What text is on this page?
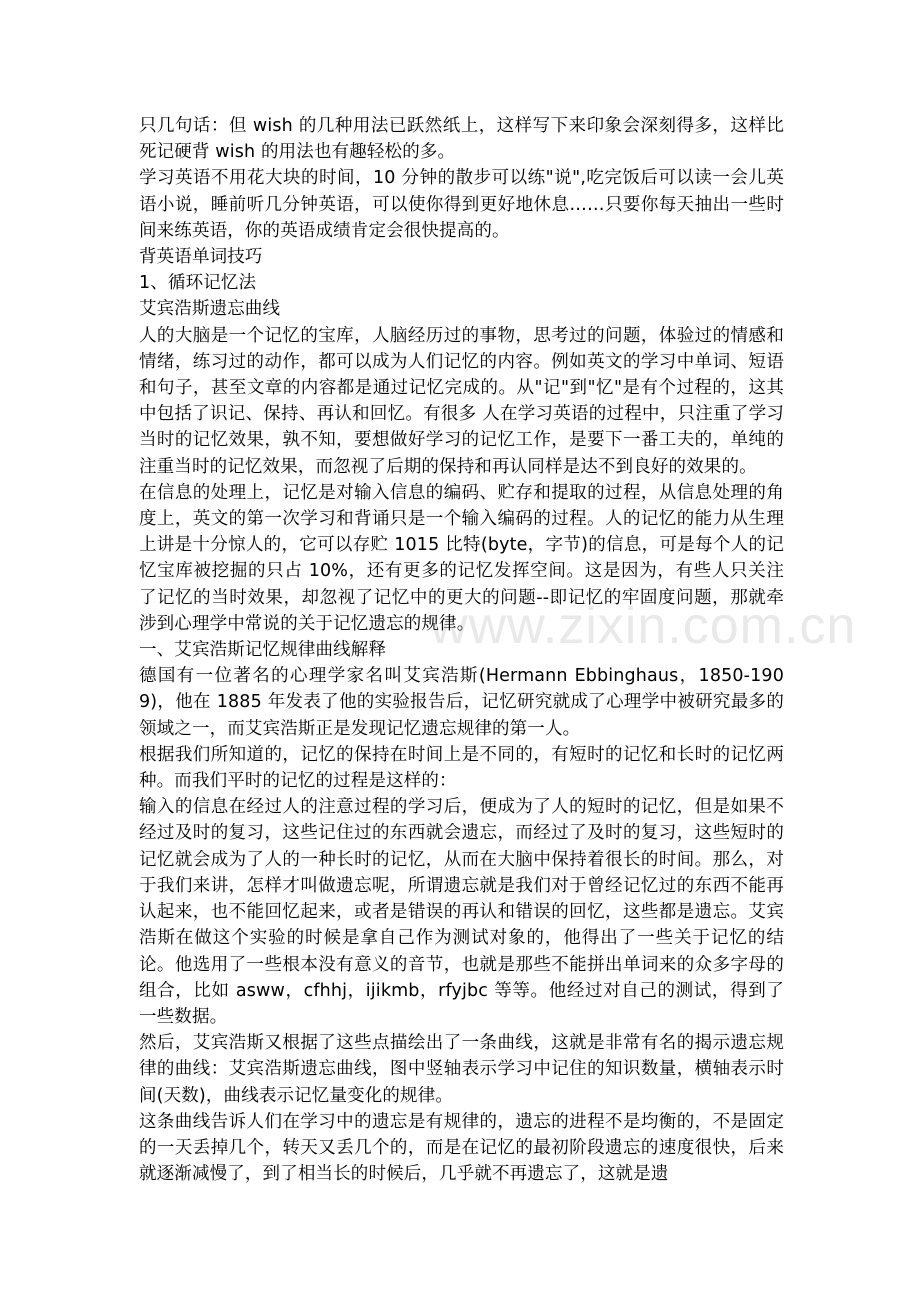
www.zixin.com.cn

只几句话：但 wish 的几种用法已跃然纸上，这样写下来印象会深刻得多，这样比死记硬背 wish 的用法也有趣轻松的多。

学习英语不用花大块的时间，10 分钟的散步可以练"说",吃完饭后可以读一会儿英语小说，睡前听几分钟英语，可以使你得到更好地休息……只要你每天抽出一些时间来练英语，你的英语成绩肯定会很快提高的。

背英语单词技巧

1、循环记忆法

艾宾浩斯遗忘曲线

人的大脑是一个记忆的宝库，人脑经历过的事物，思考过的问题，体验过的情感和情绪，练习过的动作，都可以成为人们记忆的内容。例如英文的学习中单词、短语和句子，甚至文章的内容都是通过记忆完成的。从"记"到"忆"是有个过程的，这其中包括了识记、保持、再认和回忆。有很多 人在学习英语的过程中，只注重了学习当时的记忆效果，孰不知，要想做好学习的记忆工作，是要下一番工夫的，单纯的注重当时的记忆效果，而忽视了后期的保持和再认同样是达不到良好的效果的。

在信息的处理上，记忆是对输入信息的编码、贮存和提取的过程，从信息处理的角度上，英文的第一次学习和背诵只是一个输入编码的过程。人的记忆的能力从生理上讲是十分惊人的，它可以存贮 1015 比特(byte，字节)的信息，可是每个人的记忆宝库被挖掘的只占 10%，还有更多的记忆发挥空间。这是因为，有些人只关注了记忆的当时效果，却忽视了记忆中的更大的问题--即记忆的牢固度问题，那就牵涉到心理学中常说的关于记忆遗忘的规律。

一、艾宾浩斯记忆规律曲线解释

德国有一位著名的心理学家名叫艾宾浩斯(Hermann Ebbinghaus，1850-1909)，他在 1885 年发表了他的实验报告后，记忆研究就成了心理学中被研究最多的领域之一，而艾宾浩斯正是发现记忆遗忘规律的第一人。

根据我们所知道的，记忆的保持在时间上是不同的，有短时的记忆和长时的记忆两种。而我们平时的记忆的过程是这样的：

输入的信息在经过人的注意过程的学习后，便成为了人的短时的记忆，但是如果不经过及时的复习，这些记住过的东西就会遗忘，而经过了及时的复习，这些短时的记忆就会成为了人的一种长时的记忆，从而在大脑中保持着很长的时间。那么，对于我们来讲，怎样才叫做遗忘呢，所谓遗忘就是我们对于曾经记忆过的东西不能再认起来，也不能回忆起来，或者是错误的再认和错误的回忆，这些都是遗忘。艾宾浩斯在做这个实验的时候是拿自己作为测试对象的，他得出了一些关于记忆的结论。他选用了一些根本没有意义的音节，也就是那些不能拼出单词来的众多字母的组合，比如 asww，cfhhj，ijikmb，rfyjbc 等等。他经过对自己的测试，得到了一些数据。

然后，艾宾浩斯又根据了这些点描绘出了一条曲线，这就是非常有名的揭示遗忘规律的曲线：艾宾浩斯遗忘曲线，图中竖轴表示学习中记住的知识数量，横轴表示时间(天数)，曲线表示记忆量变化的规律。

这条曲线告诉人们在学习中的遗忘是有规律的，遗忘的进程不是均衡的，不是固定的一天丢掉几个，转天又丢几个的，而是在记忆的最初阶段遗忘的速度很快，后来就逐渐减慢了，到了相当长的时候后，几乎就不再遗忘了，这就是遗
